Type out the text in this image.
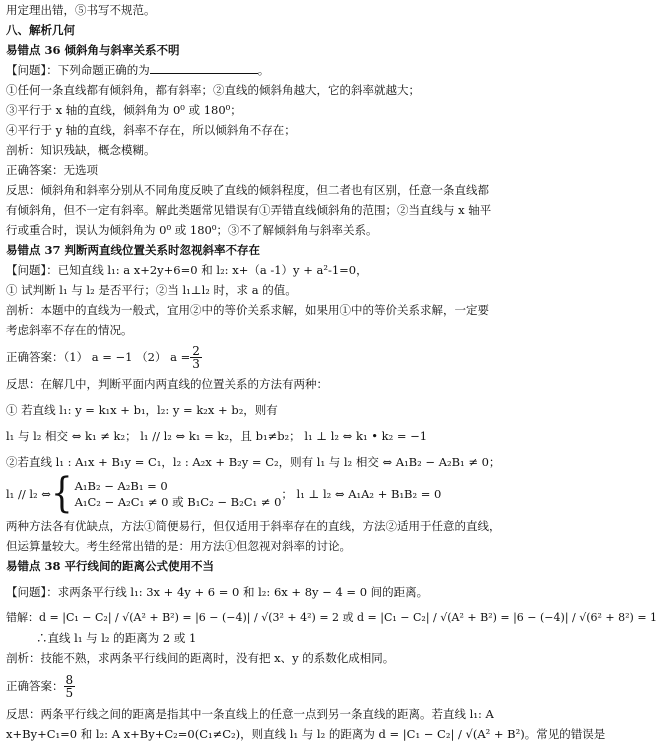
用定理出错，⑤书写不规范。
八、解析几何
易错点 36 倾斜角与斜率关系不明
【问题】：下列命题正确的为	。
①任何一条直线都有倾斜角，都有斜率；②直线的倾斜角越大，它的斜率就越大；
③平行于 x 轴的直线，倾斜角为 0⁰ 或 180⁰；
④平行于 y 轴的直线，斜率不存在，所以倾斜角不存在；
剖析：知识残缺，概念模糊。
正确答案：无选项
反思：倾斜角和斜率分别从不同角度反映了直线的倾斜程度，但二者也有区别，任意一条直线都
有倾斜角，但不一定有斜率。解此类题常见错误有①弄错直线倾斜角的范围；②当直线与 x 轴平
行或重合时，误认为倾斜角为 0⁰ 或 180⁰；③不了解倾斜角与斜率关系。
易错点 37 判断两直线位置关系时忽视斜率不存在
【问题】：已知直线 l₁: a x+2y+6=0 和 l₂: x+（a -1）y + a²-1=0，
① 试判断 l₁ 与 l₂ 是否平行；②当 l₁⊥l₂ 时，求 a 的值。
剖析：本题中的直线为一般式，宜用②中的等价关系求解，如果用①中的等价关系求解，一定要
考虑斜率不存在的情况。
正确答案：（1） a = −1 （2） $a = \frac{2}{3}$
反思：在解几中，判断平面内两直线的位置关系的方法有两种：
① 若直线 l₁: y = k₁x + b₁，l₂: y = k₂x + b₂，则有
l₁ 与 l₂ 相交 ⇔ k₁ ≠ k₂； l₁ // l₂ ⇔ k₁ = k₂，且 b₁≠b₂； l₁ ⊥ l₂ ⇔ k₁ • k₂ = −1
②若直线 l₁ : A₁x + B₁y = C₁，l₂ : A₂x + B₂y = C₂，则有 l₁ 与 l₂ 相交 ⇔ A₁B₂ − A₂B₁ ≠ 0；
l₁ // l₂ ⇔ { A₁B₂ − A₂B₁ = 0
A₁C₂ − A₂C₁ ≠ 0 或 B₁C₂ − B₂C₁ ≠ 0
； l₁ ⊥ l₂ ⇔ A₁A₂ + B₁B₂ = 0
两种方法各有优缺点，方法①简便易行，但仅适用于斜率存在的直线，方法②适用于任意的直线，
但运算量较大。考生经常出错的是：用方法①但忽视对斜率的讨论。
易错点 38 平行线间的距离公式使用不当
【问题】：求两条平行线 l₁: 3x + 4y + 6 = 0 和 l₂: 6x + 8y − 4 = 0 间的距离。
错解：d = |C₁ − C₂| / √(A² + B²) = |6 − (−4)| / √(3² + 4²) = 2 或 d = |C₁ − C₂| / √(A² + B²) = |6 − (−4)| / √(6² + 8²) = 1
∴直线 l₁ 与 l₂ 的距离为 2 或 1
剖析：技能不熟，求两条平行线间的距离时，没有把 x、y 的系数化成相同。
正确答案： $\frac{8}{5}$
反思：两条平行线之间的距离是指其中一条直线上的任意一点到另一条直线的距离。若直线 l₁: A
x+By+C₁=0 和 l₂: A x+By+C₂=0(C₁≠C₂)，则直线 l₁ 与 l₂ 的距离为 d = |C₁ − C₂| / √(A² + B²)。常见的错误是
